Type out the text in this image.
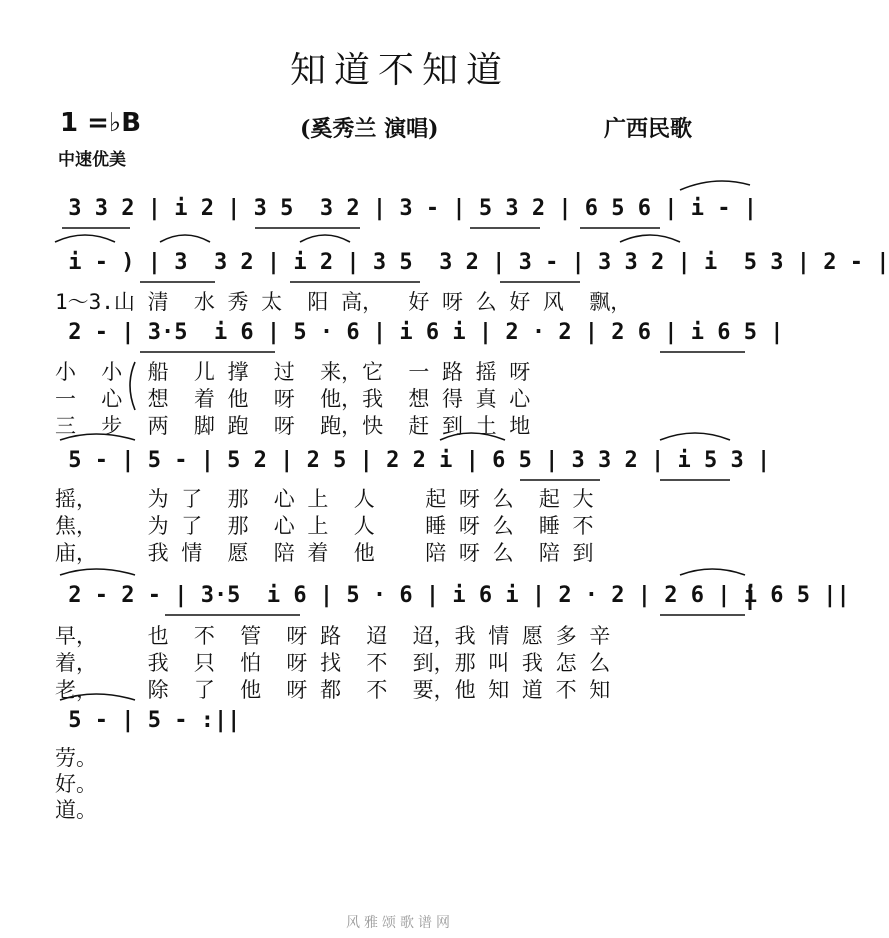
知道不知道
1 =♭B	(奚秀兰 演唱)	广西民歌
中速优美
3 3 2 | i 2 | 3 5  3 2 | 3 - | 5 3 2 | 6 5 6 | i - |
i - ) | 3  3 2 | i 2 | 3 5  3 2 | 3 - | 3 3 2 | i  5 3 | 2 - |
1～3.山 清  水 秀 太  阳 高，  好 呀 么 好 风  飘，
2 - | 3·5  i 6 | 5 · 6 | i 6 i | 2 · 2 | 2 6 | i 6 5 |
小  小  船  儿 撑  过  来，它  一 路 摇 呀
一  心  想  着 他  呀  他，我  想 得 真 心
三  步  两  脚 跑  呀  跑，快  赶 到 土 地
5 - | 5 - | 5 2 | 2 5 | 2 2 i | 6 5 | 3 3 2 | i 5 3 |
摇，    为 了  那  心 上  人    起 呀 么  起 大
焦，    为 了  那  心 上  人    睡 呀 么  睡 不
庙，    我 情  愿  陪 着  他    陪 呀 么  陪 到
2 - 2 - | 3·5  i 6 | 5 · 6 | i 6 i | 2 · 2 | 2 6 | i 6 5 ||
早，    也  不  管  呀 路  迢  迢，我 情 愿 多 辛
着，    我  只  怕  呀 找  不  到，那 叫 我 怎 么
老，    除  了  他  呀 都  不  要，他 知 道 不 知
5 - | 5 - :||
劳。
好。
道。
风雅颂歌谱网
